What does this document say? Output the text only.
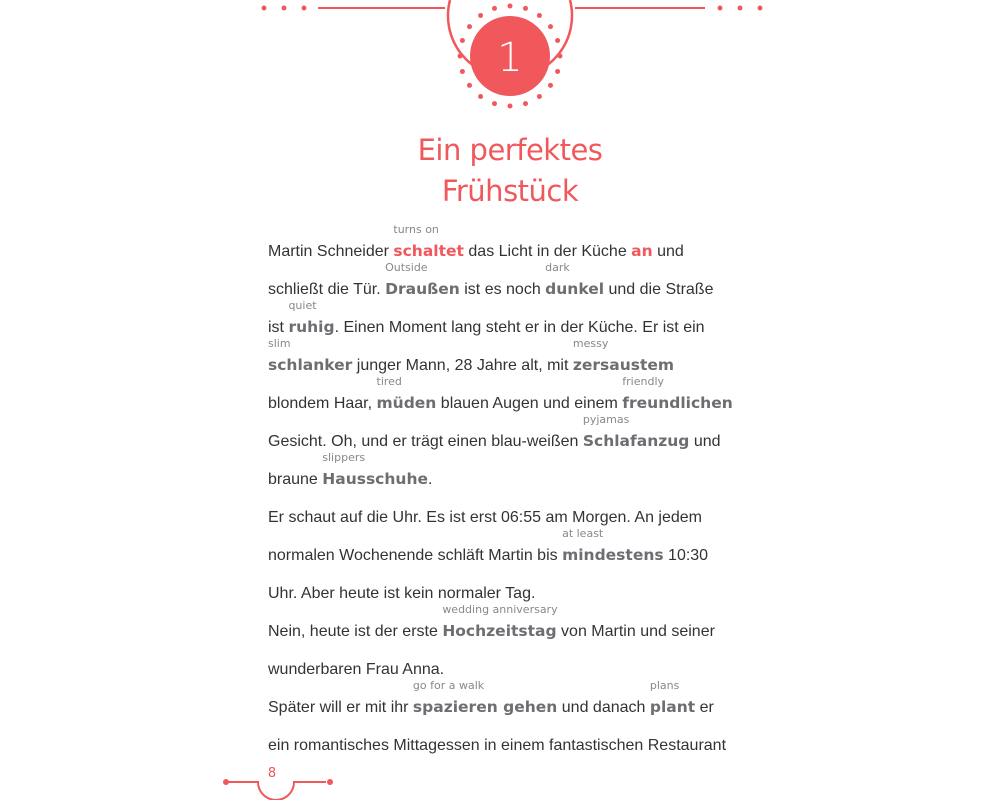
1
Ein perfektes
Frühstück
Martin Schneider schaltet
turns on
das Licht in der Küche an und
schließt die Tür. Draußen
Outside
ist es noch dunkel
dark
und die Straße
ist ruhig
quiet
. Einen Moment lang steht er in der Küche. Er ist ein
schlanker
slim
junger Mann, 28 Jahre alt, mit zersaustem
messy
blondem Haar, müden
tired
blauen Augen und einem freundlichen
friendly
Gesicht. Oh, und er trägt einen blau-weißen Schlafanzug
pyjamas
und
braune Hausschuhe
slippers
.
Er schaut auf die Uhr. Es ist erst 06:55 am Morgen. An jedem
normalen Wochenende schläft Martin bis mindestens
at least
10:30
Uhr. Aber heute ist kein normaler Tag.
Nein, heute ist der erste Hochzeitstag
wedding anniversary
von Martin und seiner
wunderbaren Frau Anna.
Später will er mit ihr spazieren gehen
go for a walk
und danach plant
plans
er
ein romantisches Mittagessen in einem fantastischen Restaurant
8
